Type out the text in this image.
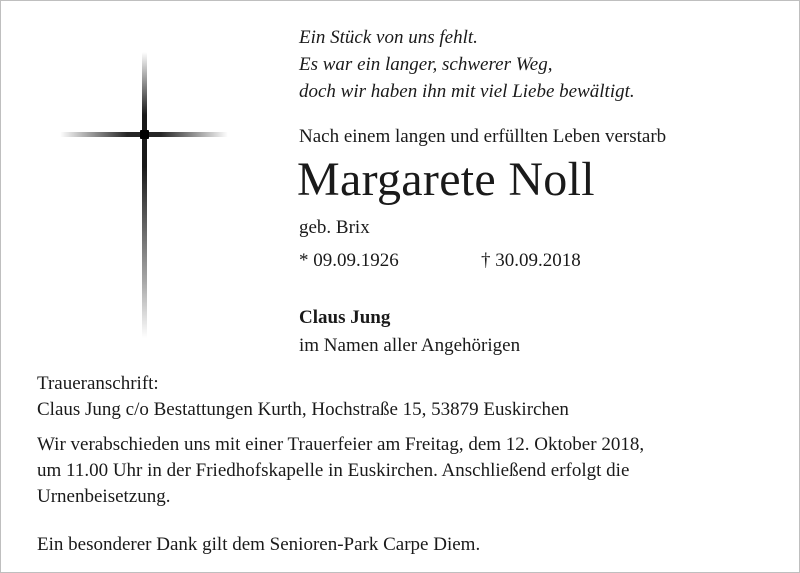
Ein Stück von uns fehlt.
Es war ein langer, schwerer Weg,
doch wir haben ihn mit viel Liebe bewältigt.
Nach einem langen und erfüllten Leben verstarb
Margarete Noll
geb. Brix
* 09.09.1926	† 30.09.2018
Claus Jung
im Namen aller Angehörigen
Traueranschrift:
Claus Jung c/o Bestattungen Kurth, Hochstraße 15, 53879 Euskirchen
Wir verabschieden uns mit einer Trauerfeier am Freitag, dem 12. Oktober 2018,
um 11.00 Uhr in der Friedhofskapelle in Euskirchen. Anschließend erfolgt die
Urnenbeisetzung.
Ein besonderer Dank gilt dem Senioren-Park Carpe Diem.
